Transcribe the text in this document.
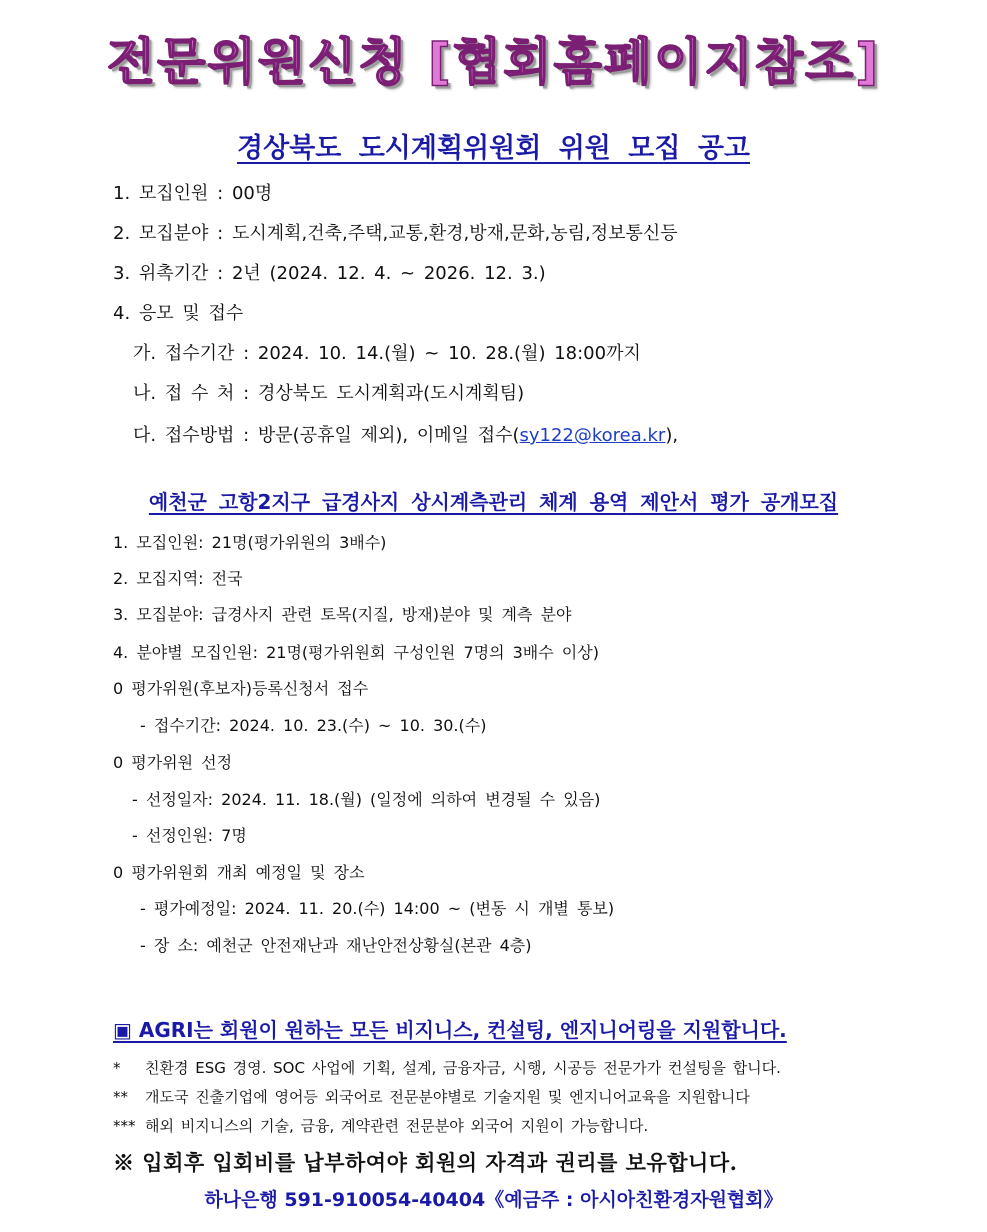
전문위원신청 [협회홈페이지참조]
경상북도 도시계획위원회 위원 모집 공고
1. 모집인원 : 00명
2. 모집분야 : 도시계획,건축,주택,교통,환경,방재,문화,농림,정보통신등
3. 위촉기간 : 2년 (2024. 12. 4. ~ 2026. 12. 3.)
4. 응모 및 접수
가. 접수기간 : 2024. 10. 14.(월) ~ 10. 28.(월) 18:00까지
나. 접 수 처 : 경상북도 도시계획과(도시계획팀)
다. 접수방법 : 방문(공휴일 제외), 이메일 접수(sy122@korea.kr),
예천군 고항2지구 급경사지 상시계측관리 체계 용역 제안서 평가 공개모집
1. 모집인원: 21명(평가위원의 3배수)
2. 모집지역: 전국
3. 모집분야: 급경사지 관련 토목(지질, 방재)분야 및 계측 분야
4. 분야별 모집인원: 21명(평가위원회 구성인원 7명의 3배수 이상)
0 평가위원(후보자)등록신청서 접수
- 접수기간: 2024. 10. 23.(수) ~ 10. 30.(수)
0 평가위원 선정
- 선정일자: 2024. 11. 18.(월) (일정에 의하여 변경될 수 있음)
- 선정인원: 7명
0 평가위원회 개최 예정일 및 장소
- 평가예정일: 2024. 11. 20.(수) 14:00 ~ (변동 시 개별 통보)
- 장 소: 예천군 안전재난과 재난안전상황실(본관 4층)
▣ AGRI는 회원이 원하는 모든 비지니스, 컨설팅, 엔지니어링을 지원합니다.
* 친환경 ESG 경영. SOC 사업에 기획, 설계, 금융자금, 시행, 시공등 전문가가 컨설팅을 합니다.
** 개도국 진출기업에 영어등 외국어로 전문분야별로 기술지원 및 엔지니어교육을 지원합니다
*** 해외 비지니스의 기술, 금융, 계약관련 전문분야 외국어 지원이 가능합니다.
※ 입회후 입회비를 납부하여야 회원의 자격과 권리를 보유합니다.
하나은행 591-910054-40404《예금주 : 아시아친환경자원협회》
